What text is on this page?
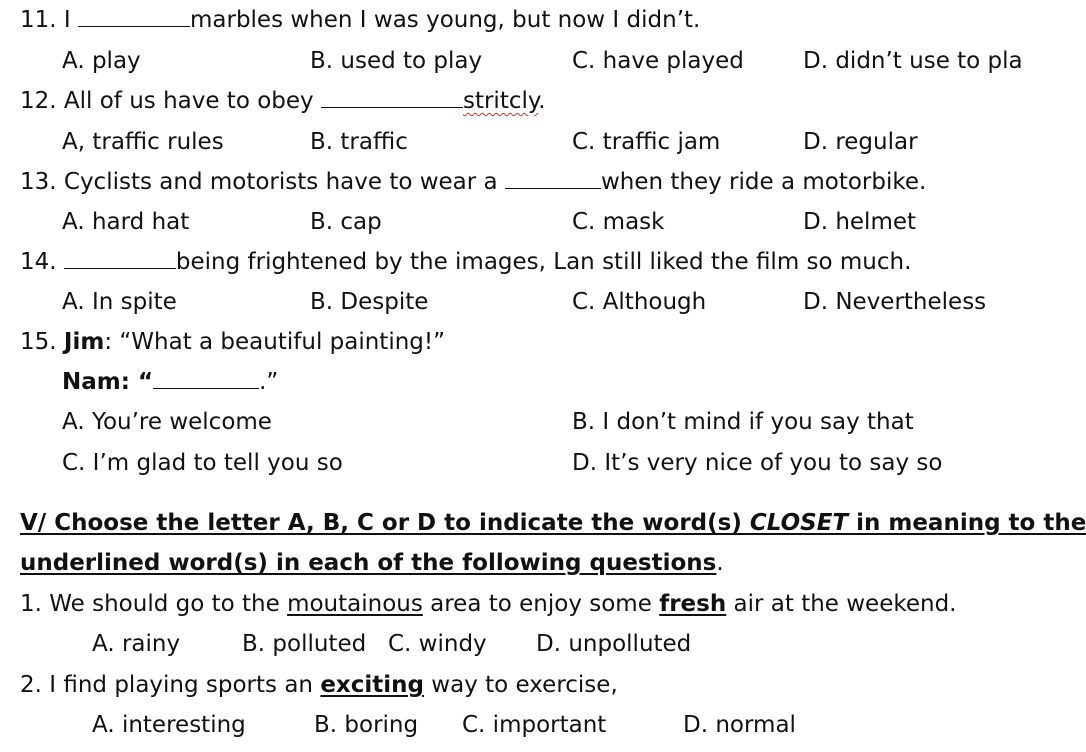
11. I	marbles when I was young, but now I didn’t.
A. play	B. used to play	C. have played	D. didn’t use to pla
12. All of us have to obey	stritcly.
A, traffic rules	B. traffic	C. traffic jam	D. regular
13. Cyclists and motorists have to wear a	when they ride a motorbike.
A. hard hat	B. cap	C. mask	D. helmet
14.	being frightened by the images, Lan still liked the film so much.
A. In spite	B. Despite	C. Although	D. Nevertheless
15. Jim: “What a beautiful painting!”
Nam: “	.”
A. You’re welcome	B. I don’t mind if you say that
C. I’m glad to tell you so	D. It’s very nice of you to say so
V/ Choose the letter A, B, C or D to indicate the word(s) CLOSET in meaning to the
underlined word(s) in each of the following questions.
1. We should go to the moutainous area to enjoy some fresh air at the weekend.
A. rainy	B. polluted C. windy D. unpolluted
2. I find playing sports an exciting way to exercise,
A. interesting	B. boring C. important	D. normal
